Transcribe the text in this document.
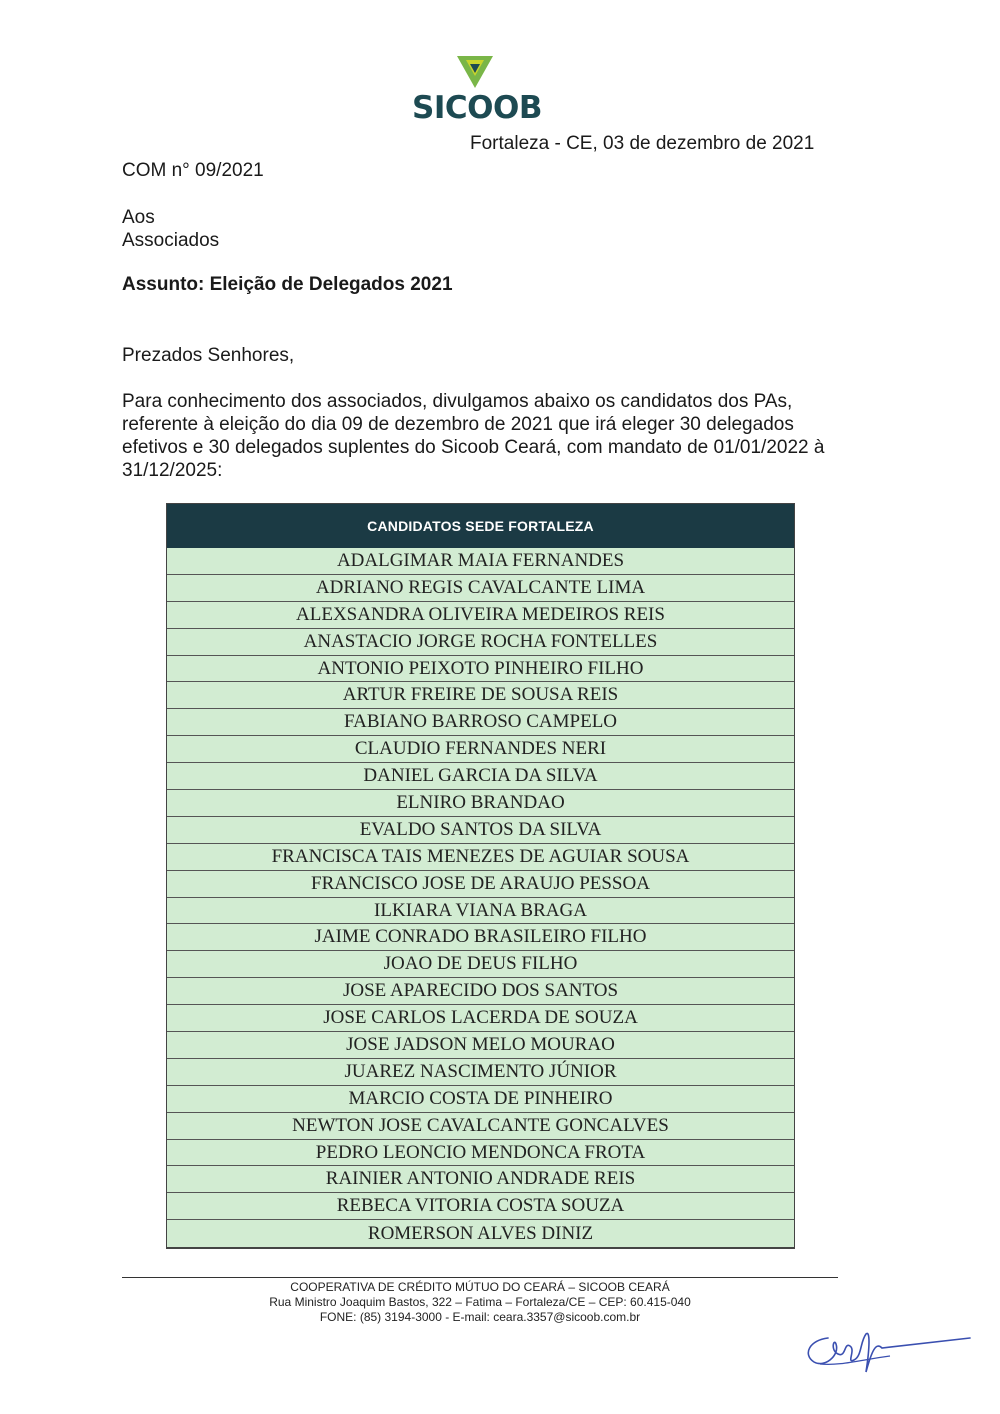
SICOOB
Fortaleza - CE, 03 de dezembro de 2021
COM n° 09/2021
Aos
Associados
Assunto: Eleição de Delegados 2021
Prezados Senhores,
Para conhecimento dos associados, divulgamos abaixo os candidatos dos PAs, referente à eleição do dia 09 de dezembro de 2021 que irá eleger 30 delegados efetivos e 30 delegados suplentes do Sicoob Ceará, com mandato de 01/01/2022 à 31/12/2025:
CANDIDATOS SEDE FORTALEZA
ADALGIMAR MAIA FERNANDES
ADRIANO REGIS CAVALCANTE LIMA
ALEXSANDRA OLIVEIRA MEDEIROS REIS
ANASTACIO JORGE ROCHA FONTELLES
ANTONIO PEIXOTO PINHEIRO FILHO
ARTUR FREIRE DE SOUSA REIS
FABIANO BARROSO CAMPELO
CLAUDIO FERNANDES NERI
DANIEL GARCIA DA SILVA
ELNIRO BRANDAO
EVALDO SANTOS DA SILVA
FRANCISCA TAIS MENEZES DE AGUIAR SOUSA
FRANCISCO JOSE DE ARAUJO PESSOA
ILKIARA VIANA BRAGA
JAIME CONRADO BRASILEIRO FILHO
JOAO DE DEUS FILHO
JOSE APARECIDO DOS SANTOS
JOSE CARLOS LACERDA DE SOUZA
JOSE JADSON MELO MOURAO
JUAREZ NASCIMENTO JÚNIOR
MARCIO COSTA DE PINHEIRO
NEWTON JOSE CAVALCANTE GONCALVES
PEDRO LEONCIO MENDONCA FROTA
RAINIER ANTONIO ANDRADE REIS
REBECA VITORIA COSTA SOUZA
ROMERSON ALVES DINIZ
COOPERATIVA DE CRÉDITO MÚTUO DO CEARÁ – SICOOB CEARÁ
Rua Ministro Joaquim Bastos, 322 – Fatima – Fortaleza/CE – CEP: 60.415-040
FONE: (85) 3194-3000 - E-mail: ceara.3357@sicoob.com.br
